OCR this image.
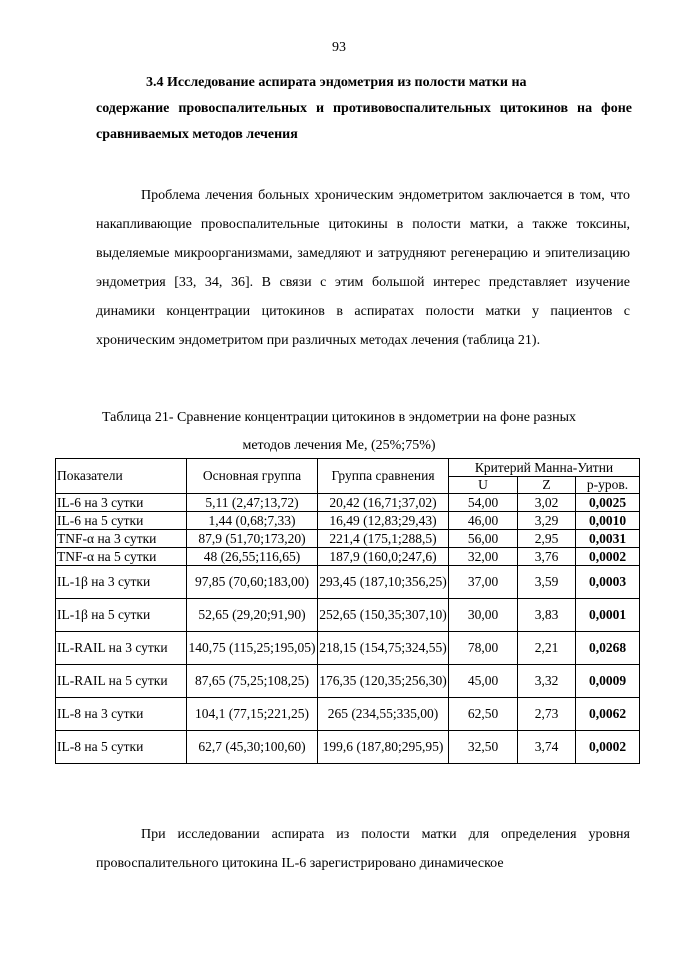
93
3.4 Исследование аспирата эндометрия из полости матки на
содержание провоспалительных и противовоспалительных цитокинов на фоне сравниваемых методов лечения

Проблема лечения больных хроническим эндометритом заключается в том, что накапливающие провоспалительные цитокины в полости матки, а также токсины, выделяемые микроорганизмами, замедляют и затрудняют регенерацию и эпителизацию эндометрия [33, 34, 36]. В связи с этим большой интерес представляет изучение динамики концентрации цитокинов в аспиратах полости матки у пациентов с хроническим эндометритом при различных методах лечения (таблица 21).

Таблица 21- Сравнение концентрации цитокинов в эндометрии на фоне разных методов лечения Me, (25%;75%)
Показатели	Основная группа	Группа сравнения	Критерий Манна-Уитни		
			U	Z	р-уров.
IL-6 на 3 сутки	5,11 (2,47;13,72)	20,42 (16,71;37,02)	54,00	3,02	0,0025
IL-6 на 5 сутки	1,44 (0,68;7,33)	16,49 (12,83;29,43)	46,00	3,29	0,0010
TNF-α на 3 сутки	87,9 (51,70;173,20)	221,4 (175,1;288,5)	56,00	2,95	0,0031
TNF-α на 5 сутки	48 (26,55;116,65)	187,9 (160,0;247,6)	32,00	3,76	0,0002
IL-1β на 3 сутки	97,85 (70,60;183,00)	293,45 (187,10;356,25)	37,00	3,59	0,0003
IL-1β на 5 сутки	52,65 (29,20;91,90)	252,65 (150,35;307,10)	30,00	3,83	0,0001
IL-RAIL на 3 сутки	140,75 (115,25;195,05)	218,15 (154,75;324,55)	78,00	2,21	0,0268
IL-RAIL на 5 сутки	87,65 (75,25;108,25)	176,35 (120,35;256,30)	45,00	3,32	0,0009
IL-8 на 3 сутки	104,1 (77,15;221,25)	265 (234,55;335,00)	62,50	2,73	0,0062
IL-8 на 5 сутки	62,7 (45,30;100,60)	199,6 (187,80;295,95)	32,50	3,74	0,0002

При исследовании аспирата из полости матки для определения уровня провоспалительного цитокина IL-6 зарегистрировано динамическое
